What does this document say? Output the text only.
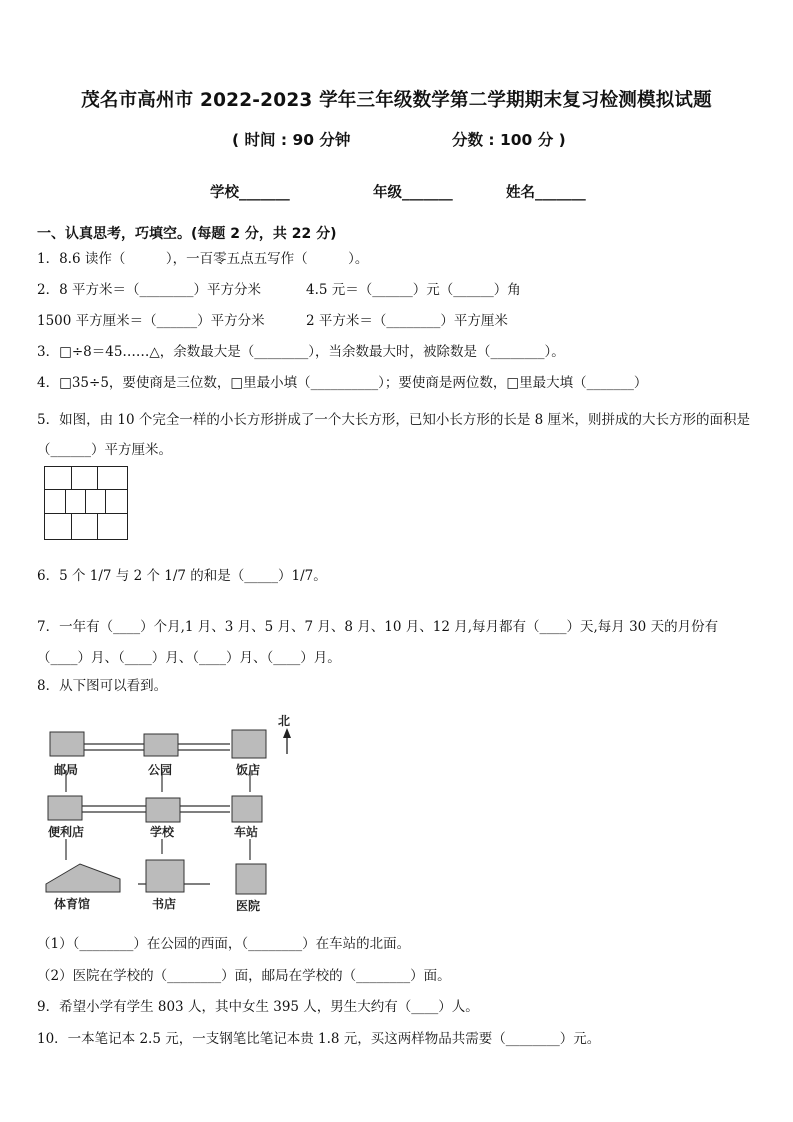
茂名市高州市 2022-2023 学年三年级数学第二学期期末复习检测模拟试题
( 时间 : 90 分钟	分数 : 100 分 )
学校_______	年级_______	姓名_______
一、认真思考，巧填空。(每题 2 分，共 22 分)
1．8.6 读作（　　　），一百零五点五写作（　　　）。
2．8 平方米＝（________）平方分米	4.5 元＝（______）元（______）角
1500 平方厘米＝（______）平方分米	2 平方米＝（________）平方厘米
3．□÷8＝45……△，余数最大是（________），当余数最大时，被除数是（________）。
4．□35÷5，要使商是三位数，□里最小填（__________）；要使商是两位数，□里最大填（_______）
5．如图，由 10 个完全一样的小长方形拼成了一个大长方形，已知小长方形的长是 8 厘米，则拼成的大长方形的面积是（______）平方厘米。
6．5 个 1/7 与 2 个 1/7 的和是（_____）1/7。
7．一年有（____）个月,1 月、3 月、5 月、7 月、8 月、10 月、12 月,每月都有（____）天,每月 30 天的月份有（____）月、（____）月、（____）月、（____）月。
8．从下图可以看到。
北
邮局	公园	饭店
便利店	学校	车站
体育馆	书店	医院
（1）（________）在公园的西面，（________）在车站的北面。
（2）医院在学校的（________）面，邮局在学校的（________）面。
9．希望小学有学生 803 人，其中女生 395 人，男生大约有（____）人。
10．一本笔记本 2.5 元，一支钢笔比笔记本贵 1.8 元，买这两样物品共需要（________）元。
